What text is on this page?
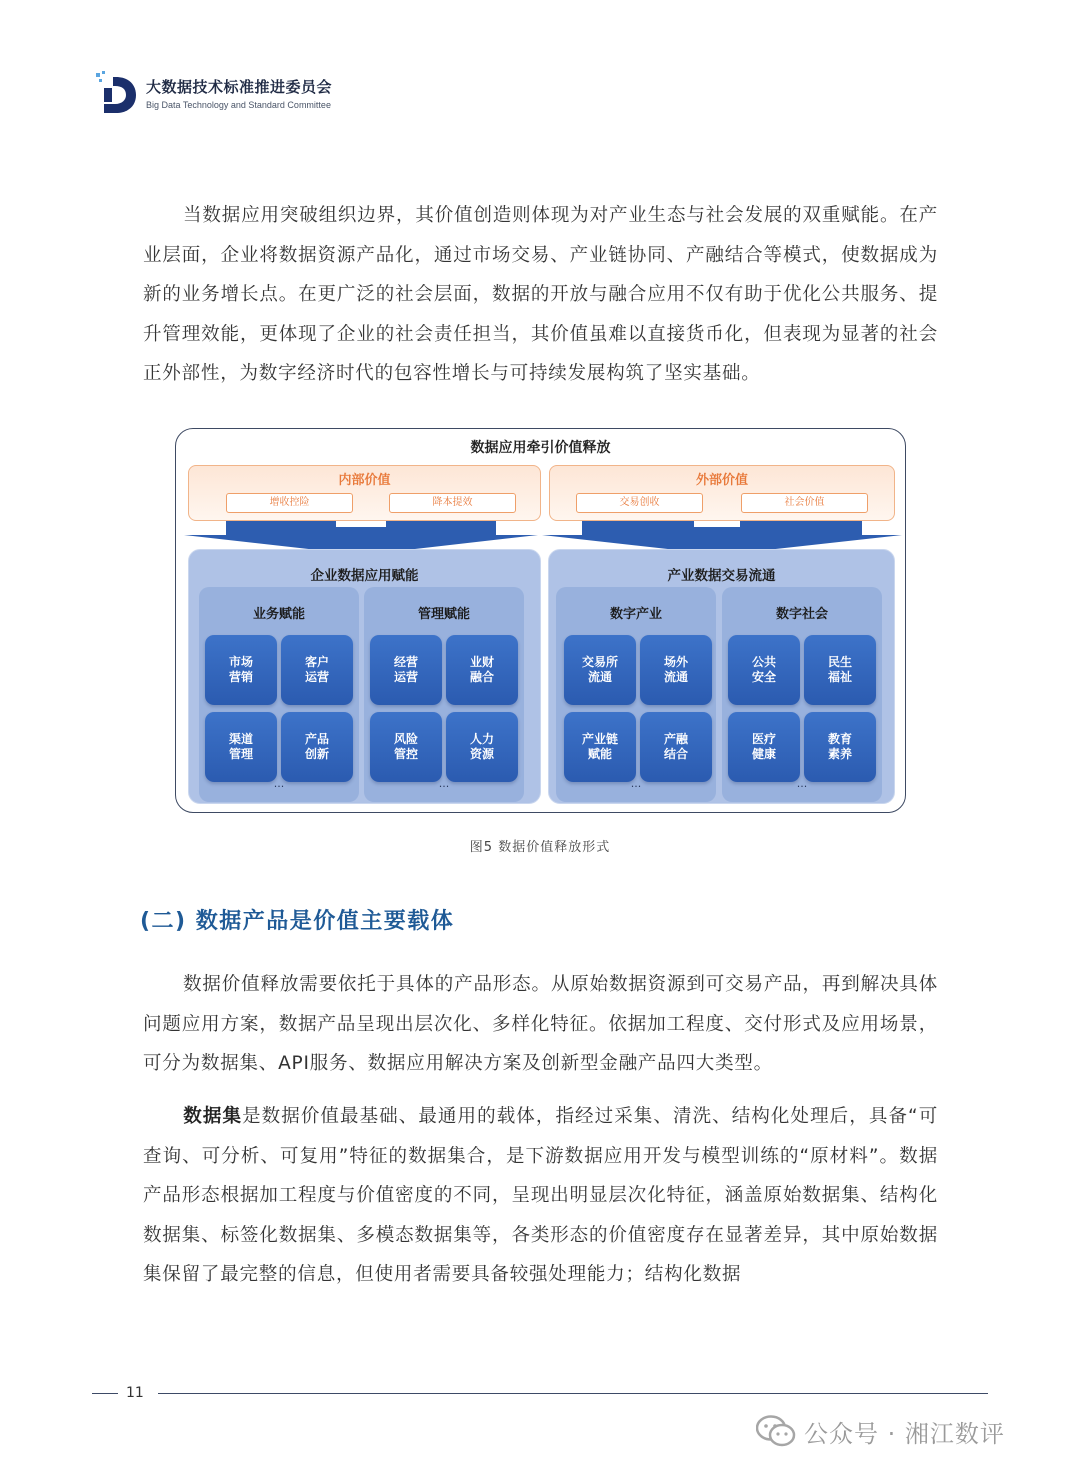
大数据技术标准推进委员会
Big Data Technology and Standard Committee
当数据应用突破组织边界，其价值创造则体现为对产业生态与社会发展的双重赋能。在产业层面，企业将数据资源产品化，通过市场交易、产业链协同、产融结合等模式，使数据成为新的业务增长点。在更广泛的社会层面，数据的开放与融合应用不仅有助于优化公共服务、提升管理效能，更体现了企业的社会责任担当，其价值虽难以直接货币化，但表现为显著的社会正外部性，为数字经济时代的包容性增长与可持续发展构筑了坚实基础。
数据应用牵引价值释放
内部价值
增收控险	降本提效
外部价值
交易创收	社会价值
企业数据应用赋能
业务赋能
市场营销
客户运营
渠道管理
产品创新
...
管理赋能
经营运营
业财融合
风险管控
人力资源
...
产业数据交易流通
数字产业
交易所流通
场外流通
产业链赋能
产融结合
...
数字社会
公共安全
民生福祉
医疗健康
教育素养
...
图5 数据价值释放形式
(二) 数据产品是价值主要载体
数据价值释放需要依托于具体的产品形态。从原始数据资源到可交易产品，再到解决具体问题应用方案，数据产品呈现出层次化、多样化特征。依据加工程度、交付形式及应用场景，可分为数据集、API服务、数据应用解决方案及创新型金融产品四大类型。
数据集是数据价值最基础、最通用的载体，指经过采集、清洗、结构化处理后，具备“可查询、可分析、可复用”特征的数据集合，是下游数据应用开发与模型训练的“原材料”。数据产品形态根据加工程度与价值密度的不同，呈现出明显层次化特征，涵盖原始数据集、结构化数据集、标签化数据集、多模态数据集等，各类形态的价值密度存在显著差异，其中原始数据集保留了最完整的信息，但使用者需要具备较强处理能力；结构化数据
11
公众号 · 湘江数评
